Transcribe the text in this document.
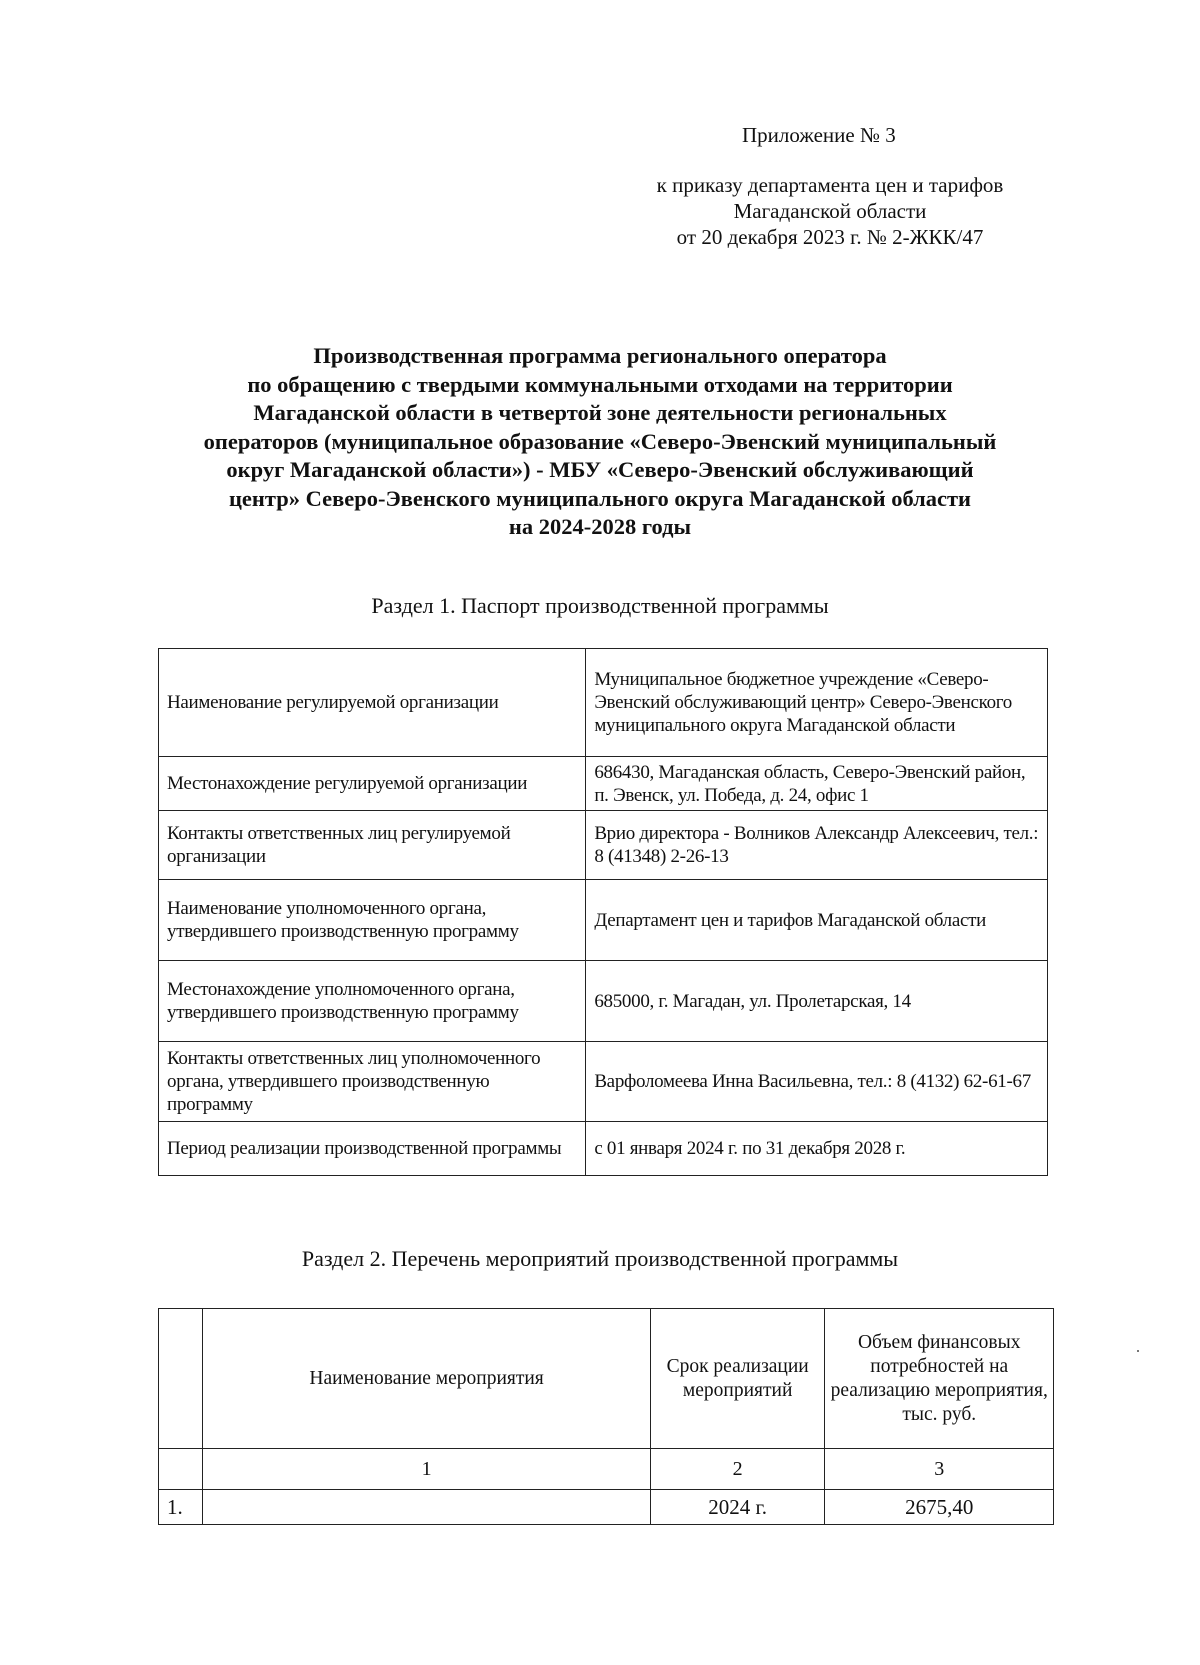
Приложение № 3
к приказу департамента цен и тарифов
Магаданской области
от 20 декабря 2023 г. № 2-ЖКК/47
Производственная программа регионального оператора
по обращению с твердыми коммунальными отходами на территории
Магаданской области в четвертой зоне деятельности региональных
операторов (муниципальное образование «Северо-Эвенский муниципальный
округ Магаданской области») - МБУ «Северо-Эвенский обслуживающий
центр» Северо-Эвенского муниципального округа Магаданской области
на 2024-2028 годы
Раздел 1. Паспорт производственной программы
Наименование регулируемой организации	Муниципальное бюджетное учреждение «Северо-Эвенский обслуживающий центр» Северо-Эвенского муниципального округа Магаданской области
Местонахождение регулируемой организации	686430, Магаданская область, Северо-Эвенский район, п. Эвенск, ул. Победа, д. 24, офис 1
Контакты ответственных лиц регулируемой организации	Врио директора - Волников Александр Алексеевич, тел.: 8 (41348) 2-26-13
Наименование уполномоченного органа, утвердившего производственную программу	Департамент цен и тарифов Магаданской области
Местонахождение уполномоченного органа, утвердившего производственную программу	685000, г. Магадан, ул. Пролетарская, 14
Контакты ответственных лиц уполномоченного органа, утвердившего производственную программу	Варфоломеева Инна Васильевна, тел.: 8 (4132) 62-61-67
Период реализации производственной программы	с 01 января 2024 г. по 31 декабря 2028 г.
Раздел 2. Перечень мероприятий производственной программы
	Наименование мероприятия	Срок реализации мероприятий	Объем финансовых потребностей на реализацию мероприятия, тыс. руб.
	1	2	3
1.		2024 г.	2675,40
